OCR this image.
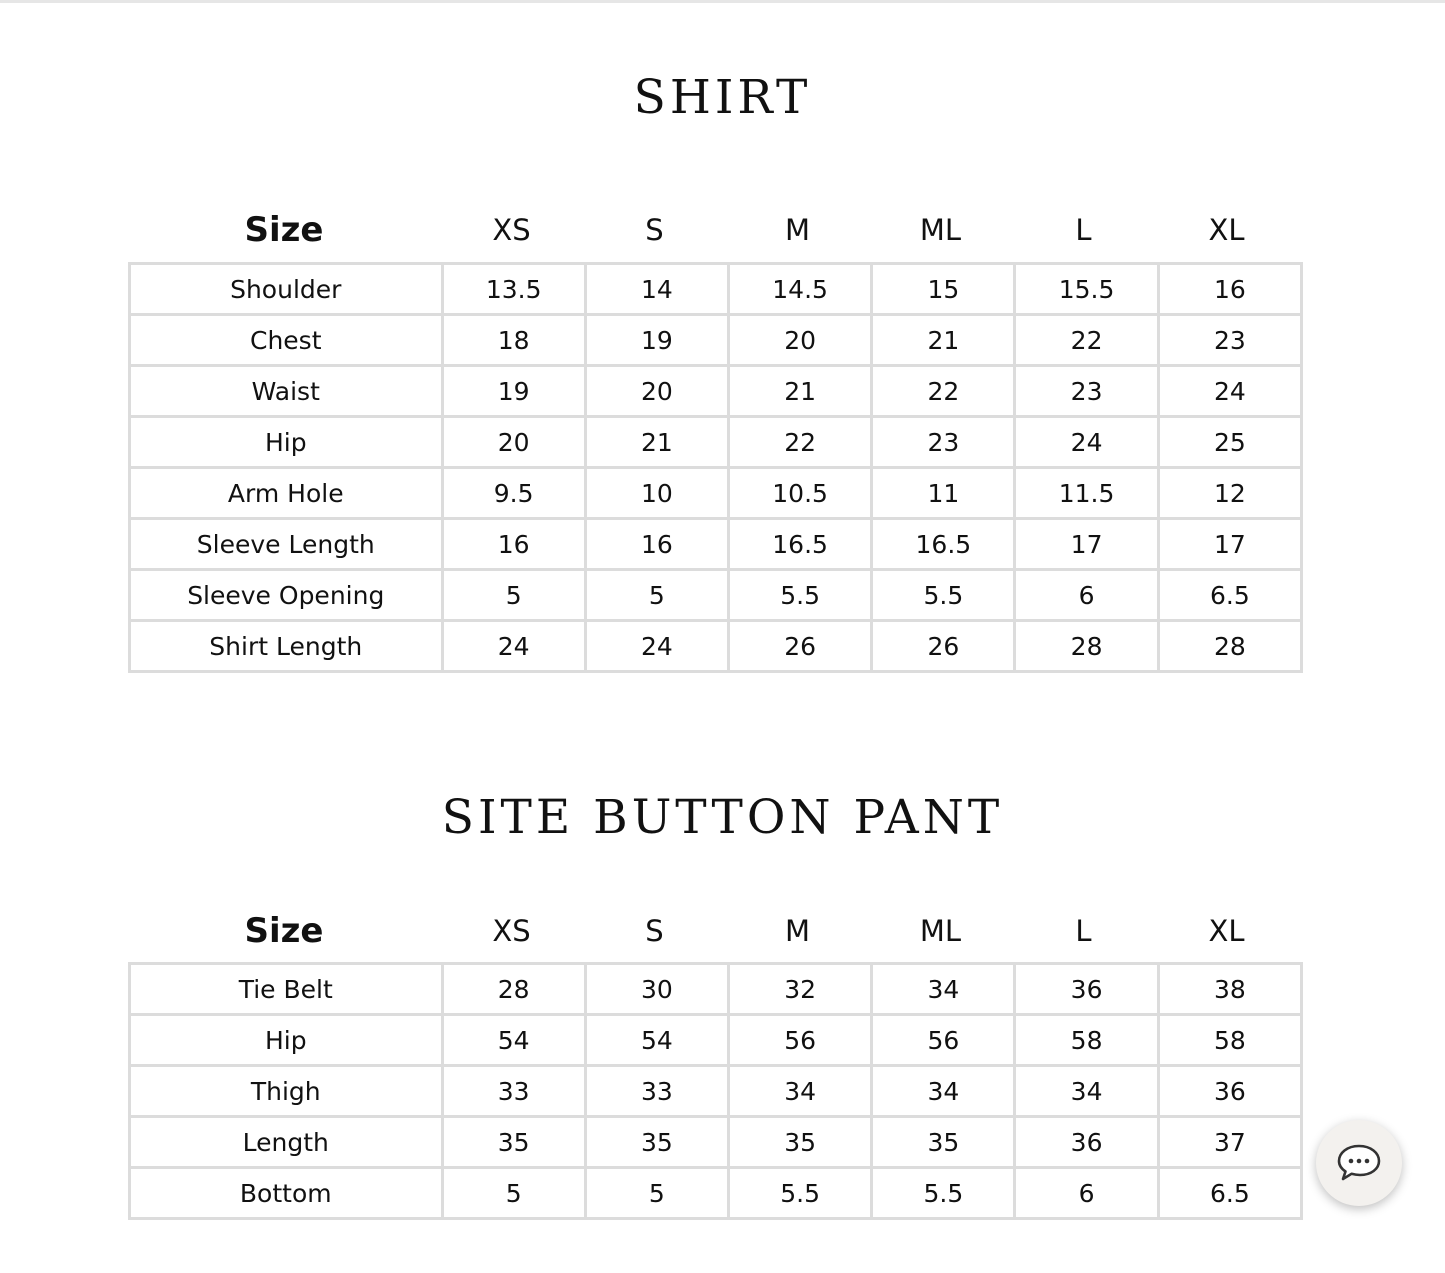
SHIRT
Size	XS	S	M	ML	L	XL
Shoulder	13.5	14	14.5	15	15.5	16
Chest	18	19	20	21	22	23
Waist	19	20	21	22	23	24
Hip	20	21	22	23	24	25
Arm Hole	9.5	10	10.5	11	11.5	12
Sleeve Length	16	16	16.5	16.5	17	17
Sleeve Opening	5	5	5.5	5.5	6	6.5
Shirt Length	24	24	26	26	28	28
SITE BUTTON PANT
Size	XS	S	M	ML	L	XL
Tie Belt	28	30	32	34	36	38
Hip	54	54	56	56	58	58
Thigh	33	33	34	34	34	36
Length	35	35	35	35	36	37
Bottom	5	5	5.5	5.5	6	6.5
